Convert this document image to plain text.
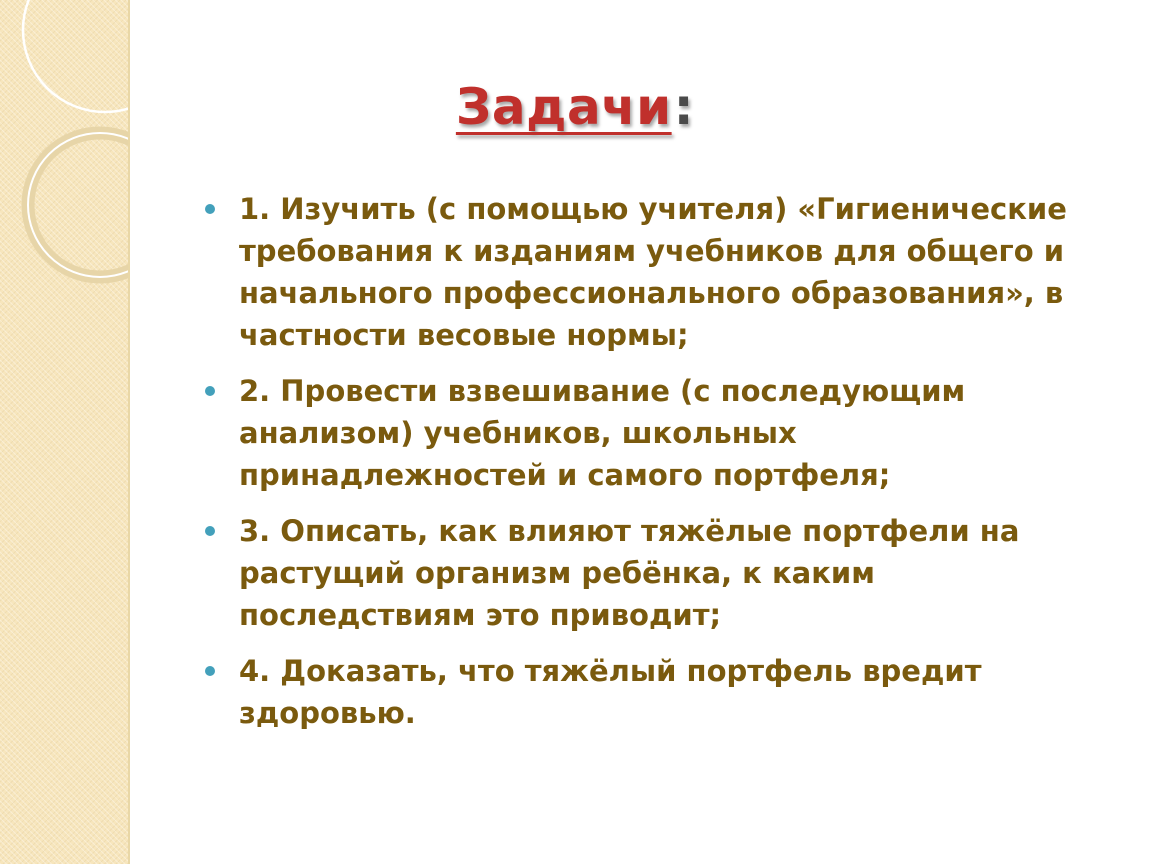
Задачи:
1. Изучить (с помощью учителя) «Гигиенические требования к изданиям учебников для общего и начального профессионального образования», в частности весовые нормы;
2. Провести взвешивание (с последующим анализом) учебников, школьных принадлежностей и самого портфеля;
3. Описать, как влияют тяжёлые портфели на растущий организм ребёнка, к каким последствиям это приводит;
4. Доказать, что тяжёлый портфель вредит здоровью.
